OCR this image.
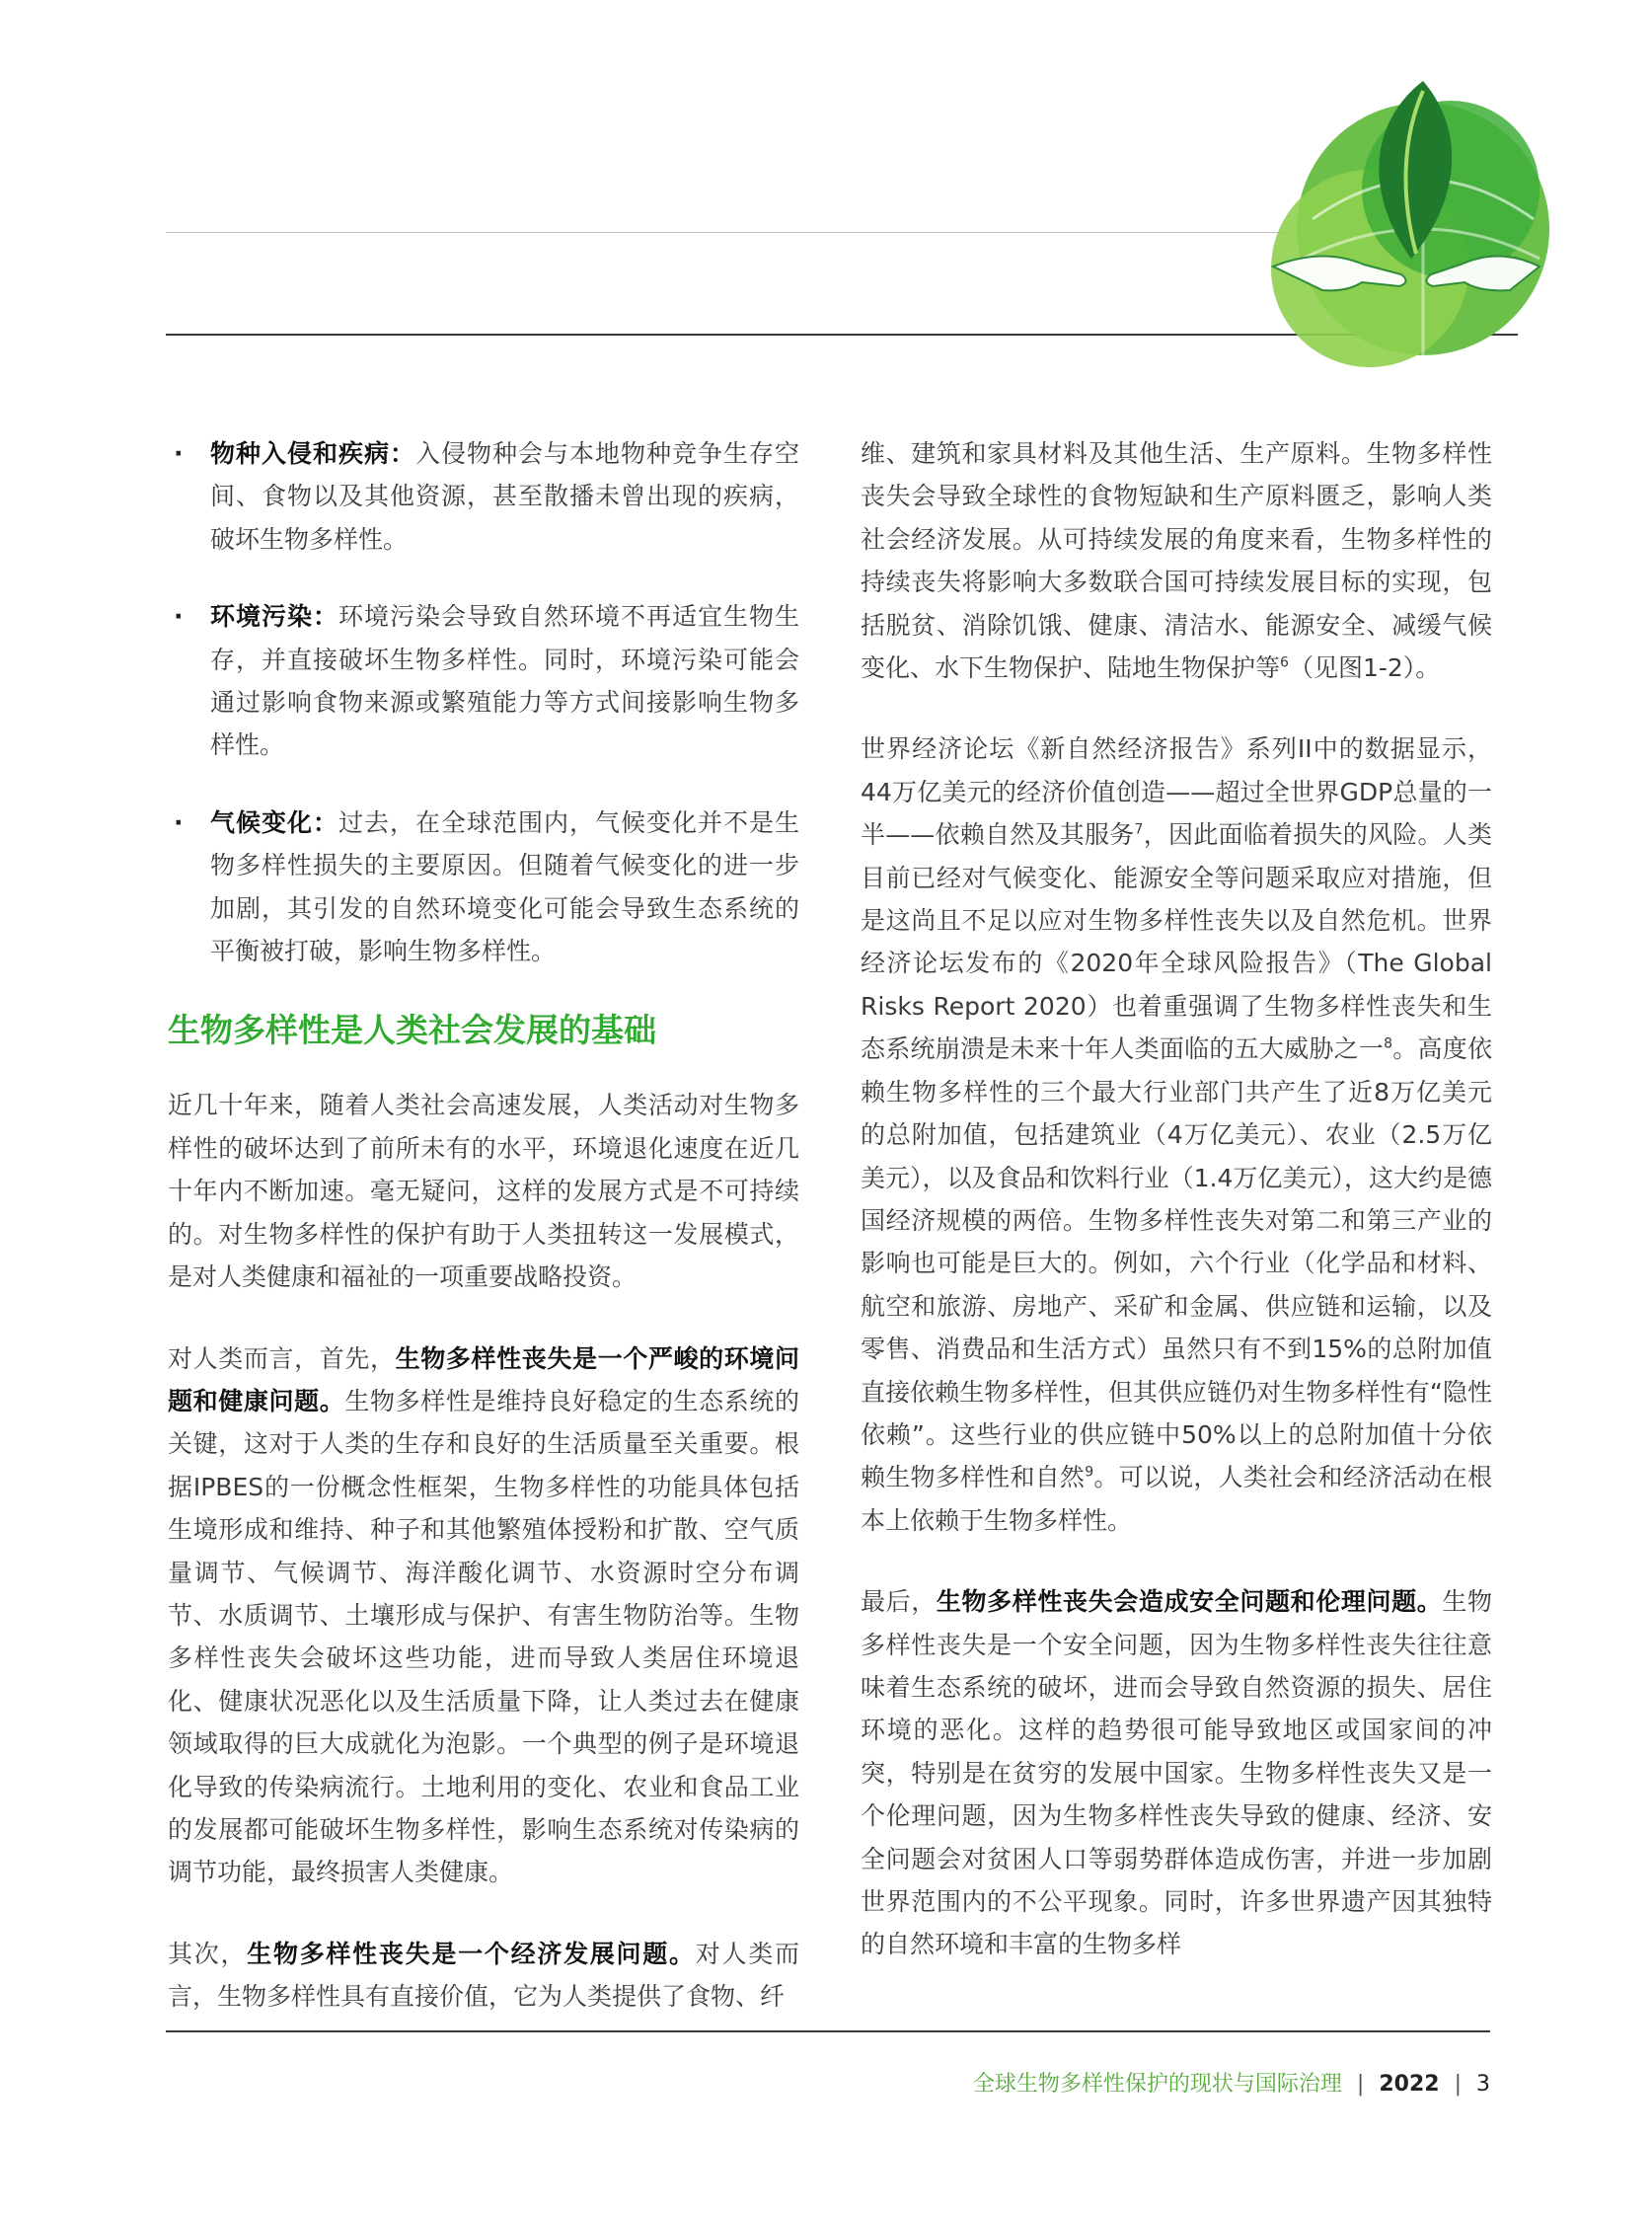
· 物种入侵和疾病：入侵物种会与本地物种竞争生存空间、食物以及其他资源，甚至散播未曾出现的疾病，破坏生物多样性。
· 环境污染：环境污染会导致自然环境不再适宜生物生存，并直接破坏生物多样性。同时，环境污染可能会通过影响食物来源或繁殖能力等方式间接影响生物多样性。
· 气候变化：过去，在全球范围内，气候变化并不是生物多样性损失的主要原因。但随着气候变化的进一步加剧，其引发的自然环境变化可能会导致生态系统的平衡被打破，影响生物多样性。
生物多样性是人类社会发展的基础

近几十年来，随着人类社会高速发展，人类活动对生物多样性的破坏达到了前所未有的水平，环境退化速度在近几十年内不断加速。毫无疑问，这样的发展方式是不可持续的。对生物多样性的保护有助于人类扭转这一发展模式，是对人类健康和福祉的一项重要战略投资。

对人类而言，首先，生物多样性丧失是一个严峻的环境问题和健康问题。生物多样性是维持良好稳定的生态系统的关键，这对于人类的生存和良好的生活质量至关重要。根据IPBES的一份概念性框架，生物多样性的功能具体包括生境形成和维持、种子和其他繁殖体授粉和扩散、空气质量调节、气候调节、海洋酸化调节、水资源时空分布调节、水质调节、土壤形成与保护、有害生物防治等。生物多样性丧失会破坏这些功能，进而导致人类居住环境退化、健康状况恶化以及生活质量下降，让人类过去在健康领域取得的巨大成就化为泡影。一个典型的例子是环境退化导致的传染病流行。土地利用的变化、农业和食品工业的发展都可能破坏生物多样性，影响生态系统对传染病的调节功能，最终损害人类健康。

其次，生物多样性丧失是一个经济发展问题。对人类而言，生物多样性具有直接价值，它为人类提供了食物、纤

维、建筑和家具材料及其他生活、生产原料。生物多样性丧失会导致全球性的食物短缺和生产原料匮乏，影响人类社会经济发展。从可持续发展的角度来看，生物多样性的持续丧失将影响大多数联合国可持续发展目标的实现，包括脱贫、消除饥饿、健康、清洁水、能源安全、减缓气候变化、水下生物保护、陆地生物保护等$^6$（见图1-2）。

世界经济论坛《新自然经济报告》系列II中的数据显示，44万亿美元的经济价值创造——超过全世界GDP总量的一半——依赖自然及其服务$^7$，因此面临着损失的风险。人类目前已经对气候变化、能源安全等问题采取应对措施，但是这尚且不足以应对生物多样性丧失以及自然危机。世界经济论坛发布的《2020年全球风险报告》（The Global Risks Report 2020）也着重强调了生物多样性丧失和生态系统崩溃是未来十年人类面临的五大威胁之一$^8$。高度依赖生物多样性的三个最大行业部门共产生了近8万亿美元的总附加值，包括建筑业（4万亿美元）、农业（2.5万亿美元），以及食品和饮料行业（1.4万亿美元），这大约是德国经济规模的两倍。生物多样性丧失对第二和第三产业的影响也可能是巨大的。例如，六个行业（化学品和材料、航空和旅游、房地产、采矿和金属、供应链和运输，以及零售、消费品和生活方式）虽然只有不到15%的总附加值直接依赖生物多样性，但其供应链仍对生物多样性有“隐性依赖”。这些行业的供应链中50%以上的总附加值十分依赖生物多样性和自然$^9$。可以说，人类社会和经济活动在根本上依赖于生物多样性。

最后，生物多样性丧失会造成安全问题和伦理问题。生物多样性丧失是一个安全问题，因为生物多样性丧失往往意味着生态系统的破坏，进而会导致自然资源的损失、居住环境的恶化。这样的趋势很可能导致地区或国家间的冲突，特别是在贫穷的发展中国家。生物多样性丧失又是一个伦理问题，因为生物多样性丧失导致的健康、经济、安全问题会对贫困人口等弱势群体造成伤害，并进一步加剧世界范围内的不公平现象。同时，许多世界遗产因其独特的自然环境和丰富的生物多样

全球生物多样性保护的现状与国际治理 | 2022 | 3
